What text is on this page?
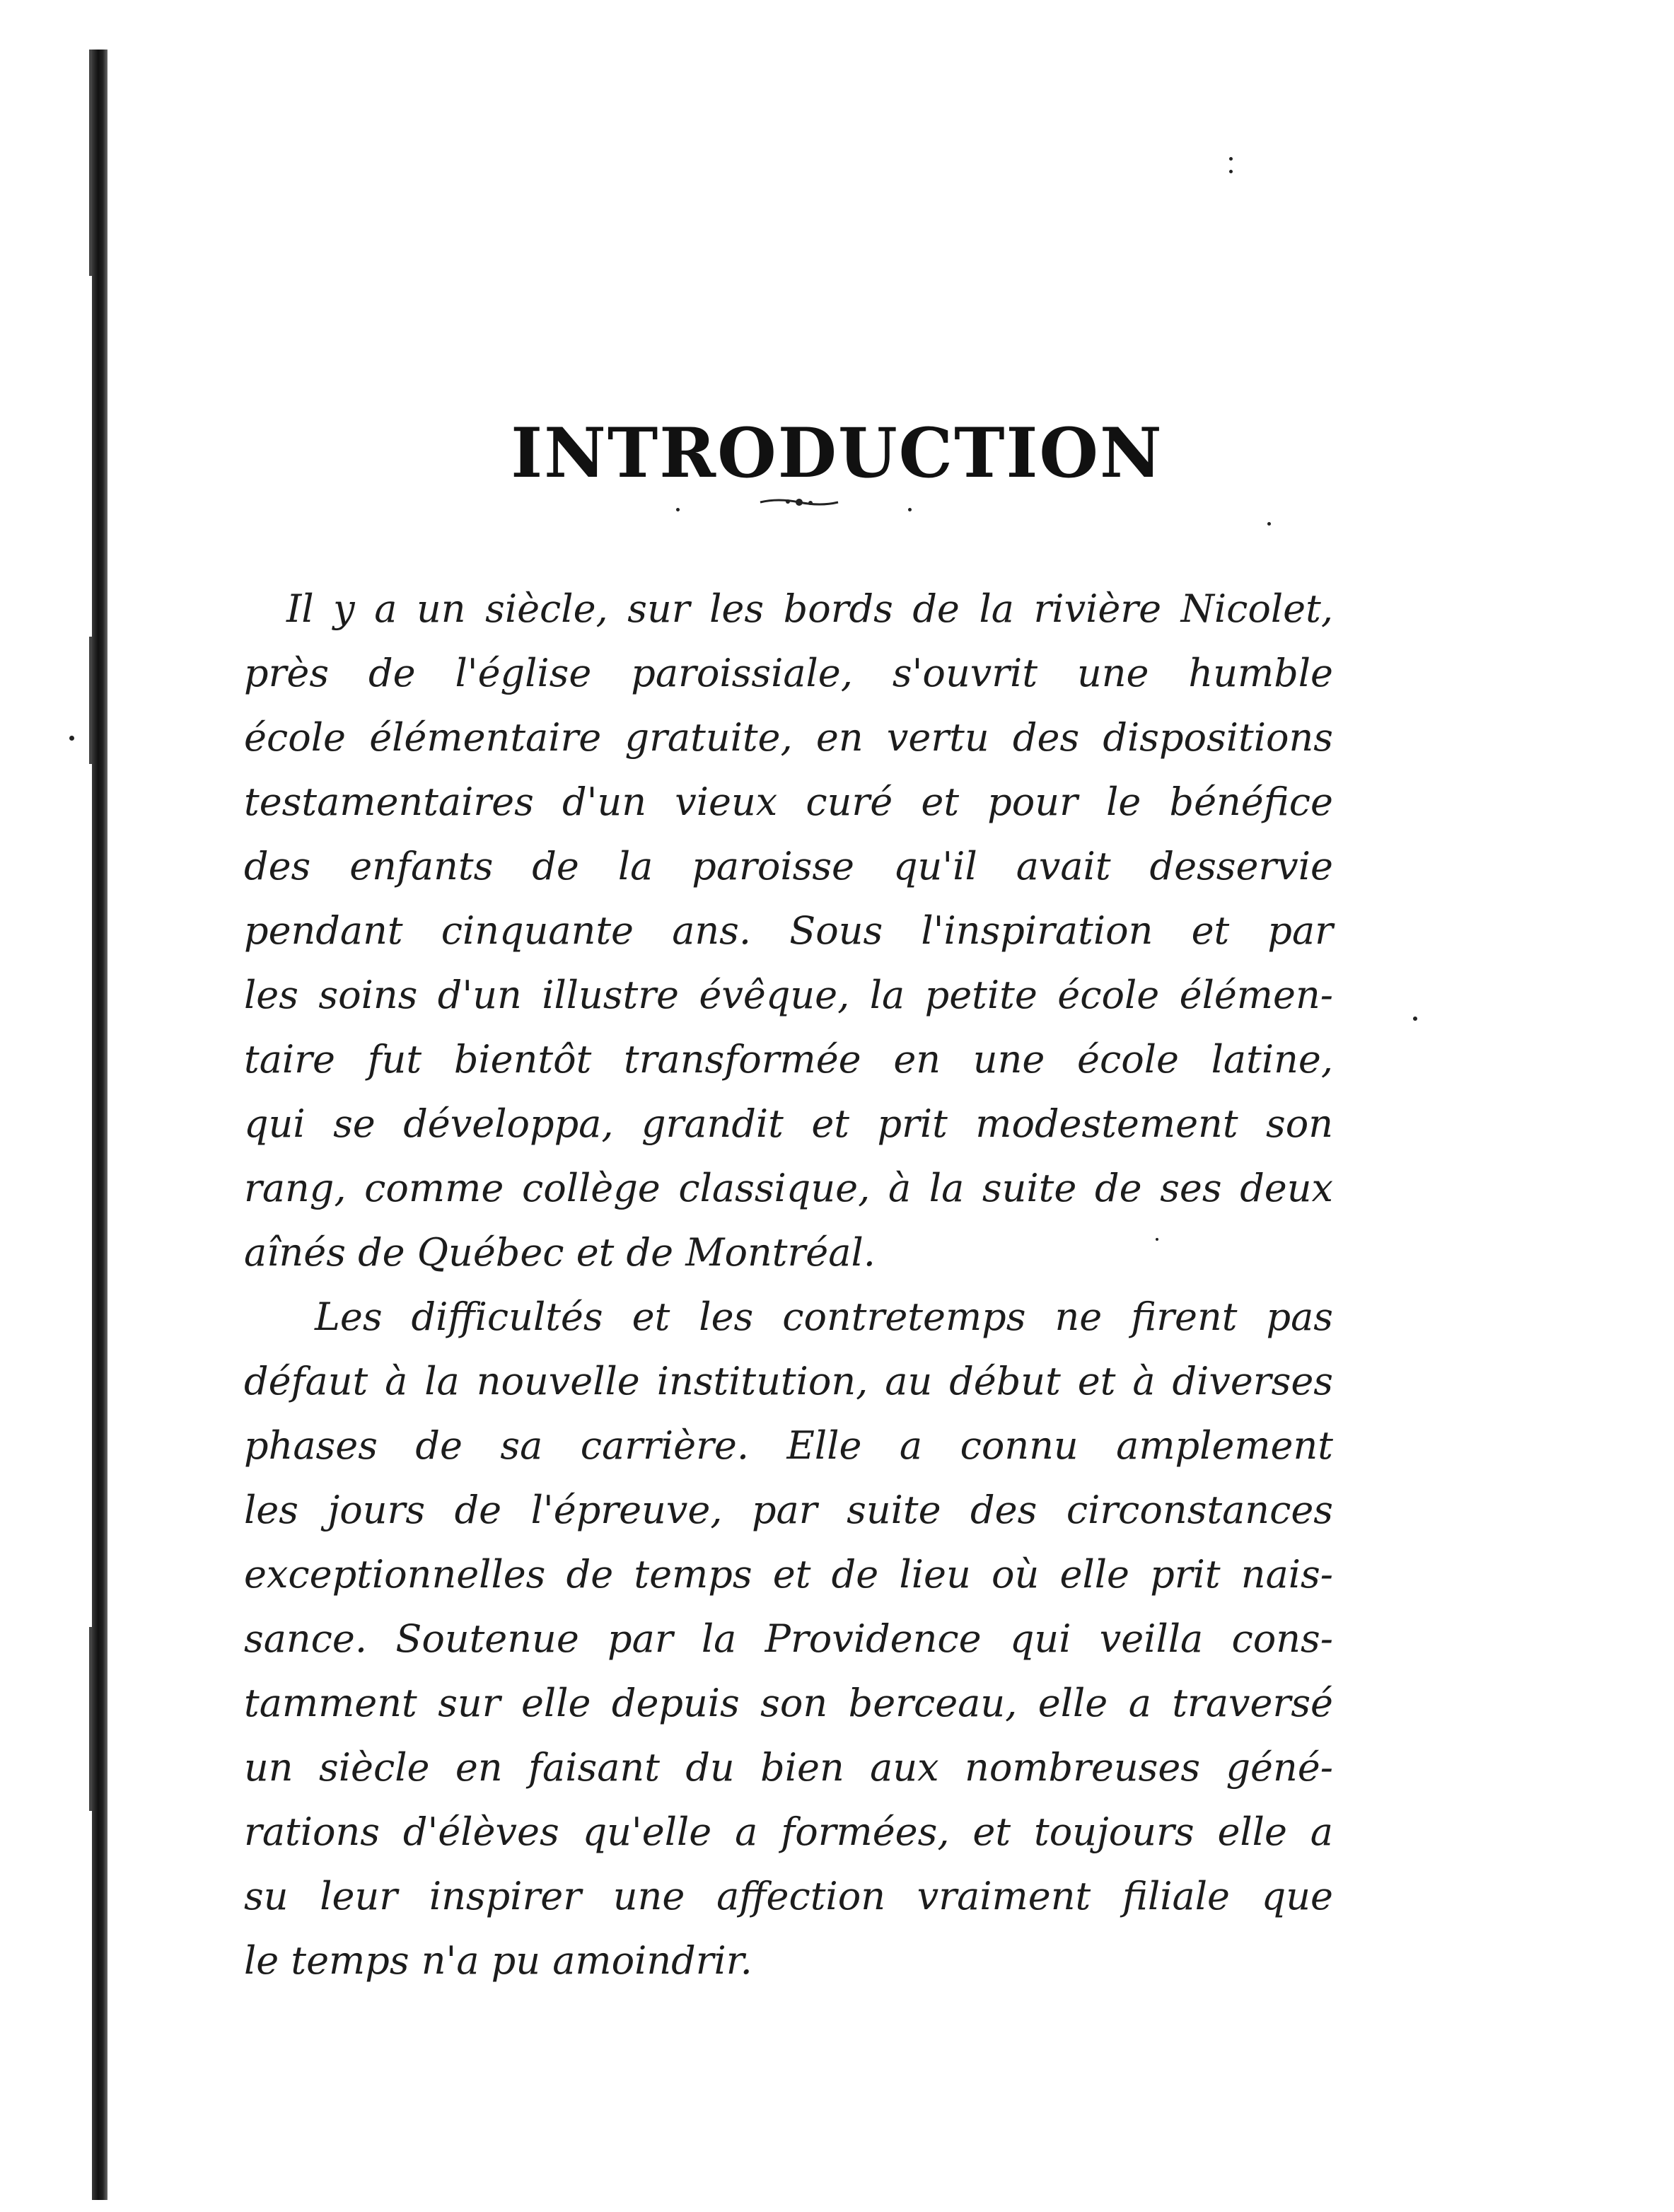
INTRODUCTION
Il y a un siècle, sur les bords de la rivière Nicolet,
près de l'église paroissiale, s'ouvrit une humble
école élémentaire gratuite, en vertu des dispositions
testamentaires d'un vieux curé et pour le bénéfice
des enfants de la paroisse qu'il avait desservie
pendant cinquante ans. Sous l'inspiration et par
les soins d'un illustre évêque, la petite école élémen-
taire fut bientôt transformée en une école latine,
qui se développa, grandit et prit modestement son
rang, comme collège classique, à la suite de ses deux
aînés de Québec et de Montréal.
Les difficultés et les contretemps ne firent pas
défaut à la nouvelle institution, au début et à diverses
phases de sa carrière. Elle a connu amplement
les jours de l'épreuve, par suite des circonstances
exceptionnelles de temps et de lieu où elle prit nais-
sance. Soutenue par la Providence qui veilla cons-
tamment sur elle depuis son berceau, elle a traversé
un siècle en faisant du bien aux nombreuses géné-
rations d'élèves qu'elle a formées, et toujours elle a
su leur inspirer une affection vraiment filiale que
le temps n'a pu amoindrir.
